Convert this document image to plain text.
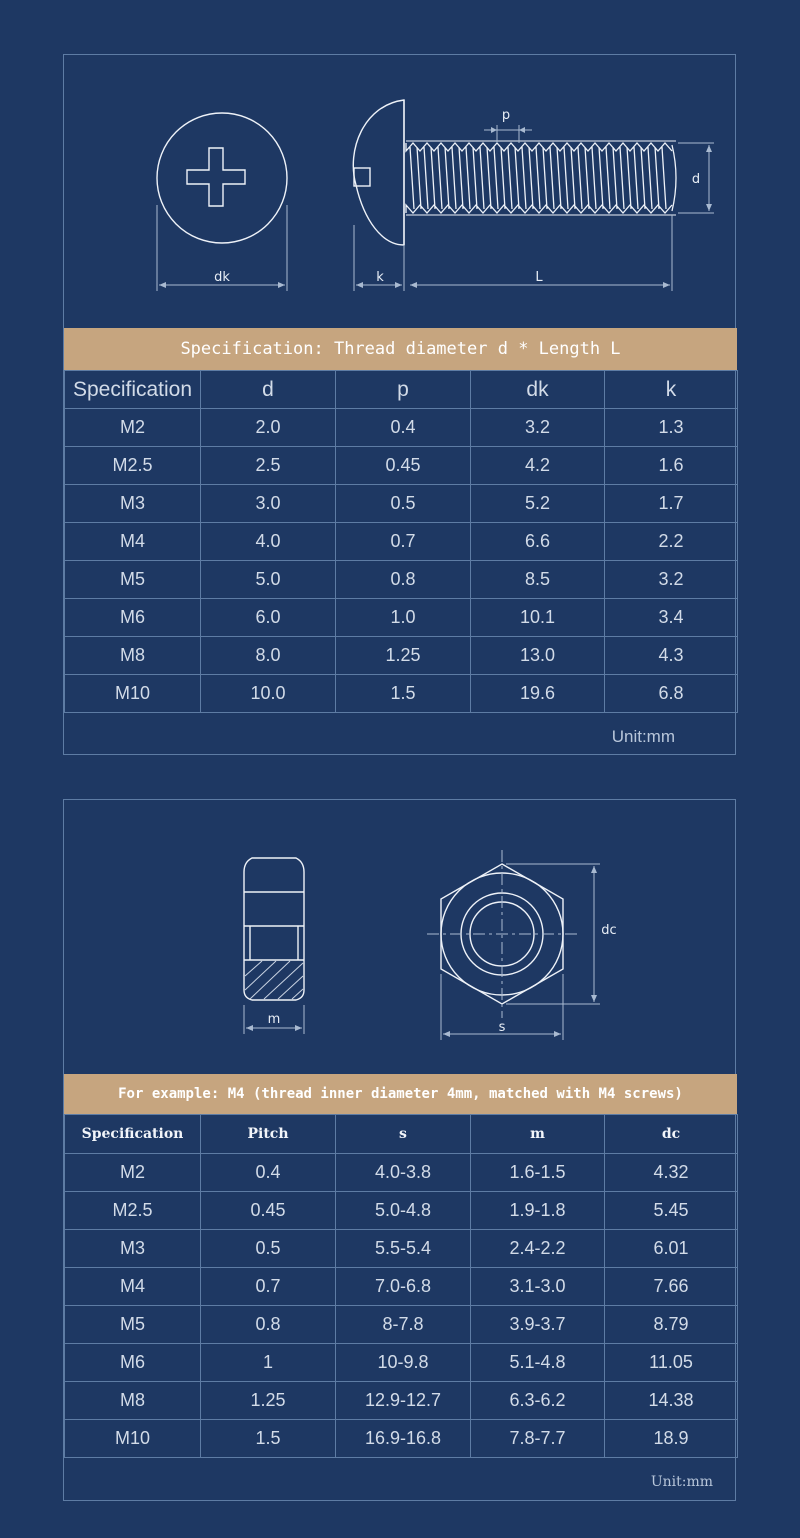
dk	k	L
p
d
Specification: Thread diameter d * Length L
Specification	d	p	dk	k
M2	2.0	0.4	3.2	1.3
M2.5	2.5	0.45	4.2	1.6
M3	3.0	0.5	5.2	1.7
M4	4.0	0.7	6.6	2.2
M5	5.0	0.8	8.5	3.2
M6	6.0	1.0	10.1	3.4
M8	8.0	1.25	13.0	4.3
M10	10.0	1.5	19.6	6.8
Unit:mm
m
s
dc
For example: M4 (thread inner diameter 4mm, matched with M4 screws)
Specification	Pitch	s	m	dc
M2	0.4	4.0-3.8	1.6-1.5	4.32
M2.5	0.45	5.0-4.8	1.9-1.8	5.45
M3	0.5	5.5-5.4	2.4-2.2	6.01
M4	0.7	7.0-6.8	3.1-3.0	7.66
M5	0.8	8-7.8	3.9-3.7	8.79
M6	1	10-9.8	5.1-4.8	11.05
M8	1.25	12.9-12.7	6.3-6.2	14.38
M10	1.5	16.9-16.8	7.8-7.7	18.9
Unit:mm
